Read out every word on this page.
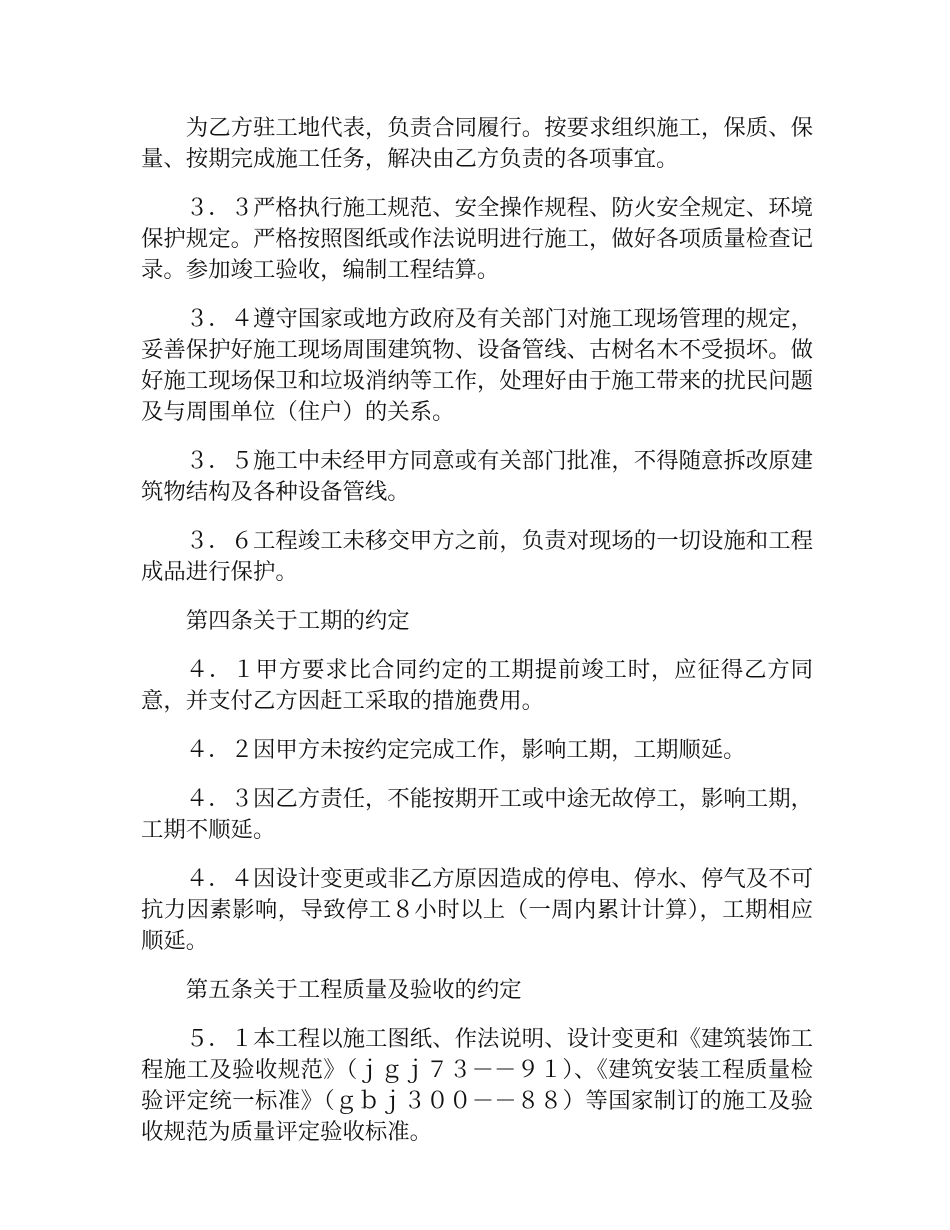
为乙方驻工地代表，负责合同履行。按要求组织施工，保质、保量、按期完成施工任务，解决由乙方负责的各项事宜。

３．３严格执行施工规范、安全操作规程、防火安全规定、环境保护规定。严格按照图纸或作法说明进行施工，做好各项质量检查记录。参加竣工验收，编制工程结算。

３．４遵守国家或地方政府及有关部门对施工现场管理的规定，妥善保护好施工现场周围建筑物、设备管线、古树名木不受损坏。做好施工现场保卫和垃圾消纳等工作，处理好由于施工带来的扰民问题及与周围单位（住户）的关系。

３．５施工中未经甲方同意或有关部门批准，不得随意拆改原建筑物结构及各种设备管线。

３．６工程竣工未移交甲方之前，负责对现场的一切设施和工程成品进行保护。

第四条关于工期的约定

４．１甲方要求比合同约定的工期提前竣工时，应征得乙方同意，并支付乙方因赶工采取的措施费用。

４．２因甲方未按约定完成工作，影响工期，工期顺延。

４．３因乙方责任，不能按期开工或中途无故停工，影响工期，工期不顺延。

４．４因设计变更或非乙方原因造成的停电、停水、停气及不可抗力因素影响，导致停工８小时以上（一周内累计计算），工期相应顺延。

第五条关于工程质量及验收的约定

５．１本工程以施工图纸、作法说明、设计变更和《建筑装饰工程施工及验收规范》（ｊｇｊ７３－－９１）、《建筑安装工程质量检验评定统一标准》（ｇｂｊ３００－－８８）等国家制订的施工及验收规范为质量评定验收标准。
